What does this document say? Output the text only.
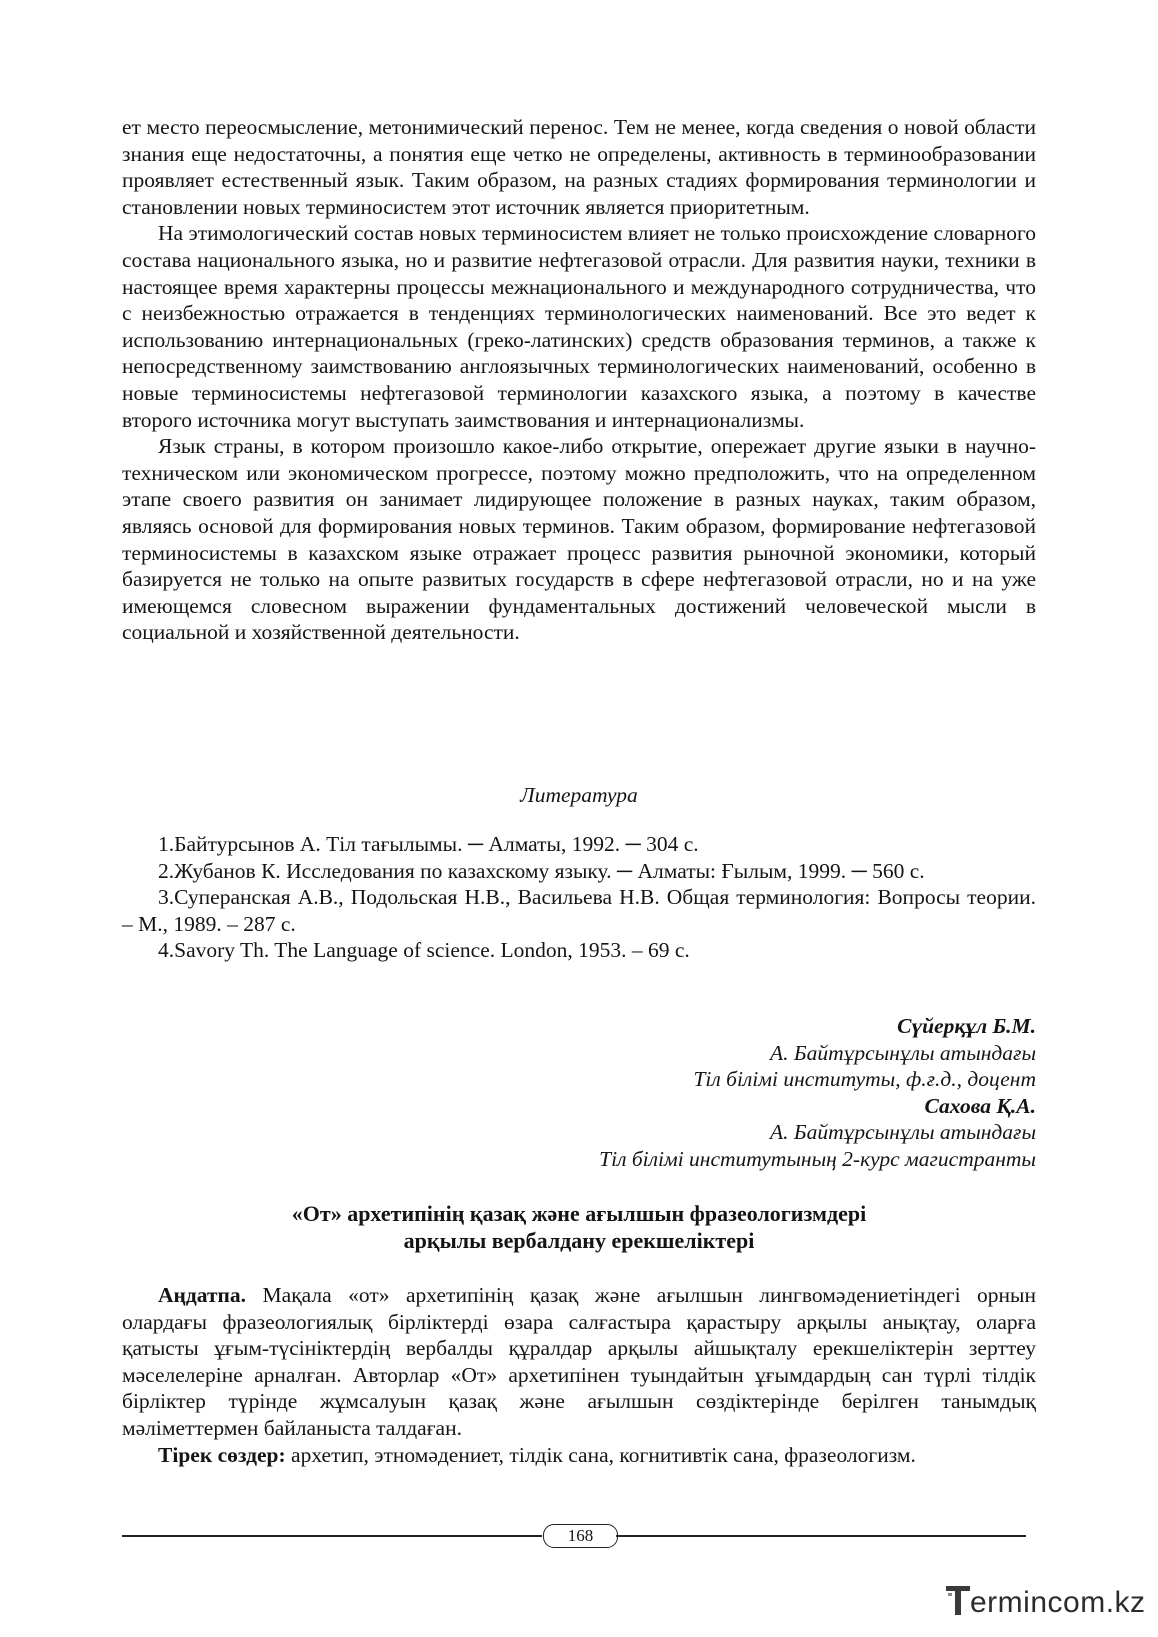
ет место переосмысление, метонимический перенос. Тем не менее, когда сведения о новой области знания еще недостаточны, а понятия еще четко не определены, активность в терминообразовании проявляет естественный язык. Таким образом, на разных стадиях формирования терминологии и становлении новых терминосистем этот источник является приоритетным.

На этимологический состав новых терминосистем влияет не только происхождение словарного состава национального языка, но и развитие нефтегазовой отрасли. Для развития науки, техники в настоящее время характерны процессы межнационального и международного сотрудничества, что с неизбежностью отражается в тенденциях терминологических наименований. Все это ведет к использованию интернациональных (греко-латинских) средств образования терминов, а также к непосредственному заимствованию англоязычных терминологических наименований, особенно в новые терминосистемы нефтегазовой терминологии казахского языка, а поэтому в качестве второго источника могут выступать заимствования и интернационализмы.

Язык страны, в котором произошло какое-либо открытие, опережает другие языки в научно-техническом или экономическом прогрессе, поэтому можно предположить, что на определенном этапе своего развития он занимает лидирующее положение в разных науках, таким образом, являясь основой для формирования новых терминов. Таким образом, формирование нефтегазовой терминосистемы в казахском языке отражает процесс развития рыночной экономики, который базируется не только на опыте развитых государств в сфере нефтегазовой отрасли, но и на уже имеющемся словесном выражении фундаментальных достижений человеческой мысли в социальной и хозяйственной деятельности.

Литература

1.Байтурсынов А. Тіл тағылымы. ─ Алматы, 1992. ─ 304 с.

2.Жубанов К. Исследования по казахскому языку. ─ Алматы: Ғылым, 1999. ─ 560 с.

3.Суперанская А.В., Подольская Н.В., Васильева Н.В. Общая терминология: Вопросы теории. – М., 1989. – 287 с.

4.Savory Th. The Language of science. London, 1953. – 69 с.

Сүйерқұл Б.М.
А. Байтұрсынұлы атындағы
Тіл білімі институты, ф.ғ.д., доцент
Сахова Қ.А.
А. Байтұрсынұлы атындағы
Тіл білімі институтының 2-курс магистранты
«От» архетипінің қазақ және ағылшын фразеологизмдері
арқылы вербалдану ерекшеліктері

Аңдатпа. Мақала «от» архетипінің қазақ және ағылшын лингвомәдениетіндегі орнын олардағы фразеологиялық бірліктерді өзара салғастыра қарастыру арқылы анықтау, оларға қатысты ұғым-түсініктердің вербалды құралдар арқылы айшықталу ерекшеліктерін зерттеу мәселелеріне арналған. Авторлар «От» архетипінен туындайтын ұғымдардың сан түрлі тілдік бірліктер түрінде жұмсалуын қазақ және ағылшын сөздіктерінде берілген танымдық мәліметтермен байланыста талдаған.

Тірек сөздер: архетип, этномәдениет, тілдік сана, когнитивтік сана, фразеологизм.

168
ermincom.kz
